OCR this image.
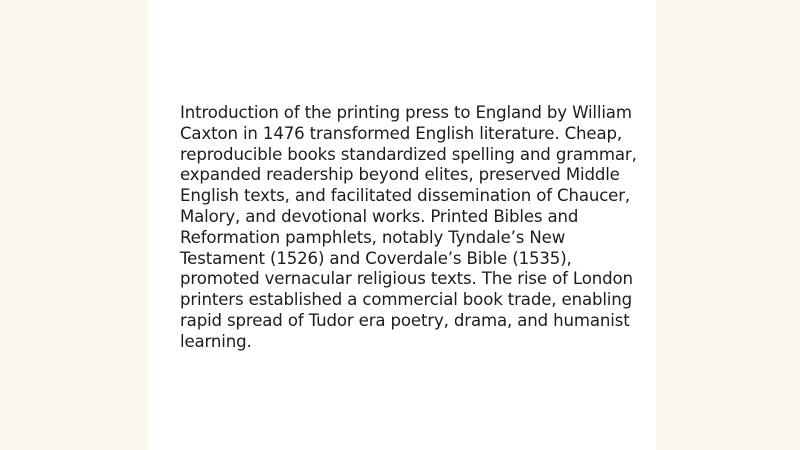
Introduction of the printing press to England by William Caxton in 1476 transformed English literature. Cheap, reproducible books standardized spelling and grammar, expanded readership beyond elites, preserved Middle English texts, and facilitated dissemination of Chaucer, Malory, and devotional works. Printed Bibles and Reformation pamphlets, notably Tyndale’s New Testament (1526) and Coverdale’s Bible (1535), promoted vernacular religious texts. The rise of London printers established a commercial book trade, enabling rapid spread of Tudor era poetry, drama, and humanist learning.
